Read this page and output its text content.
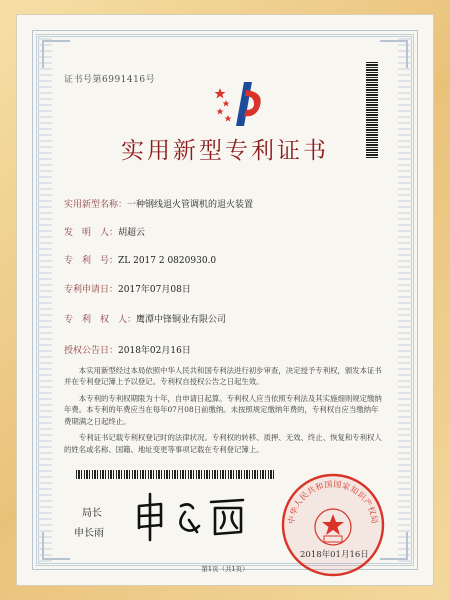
证书号第6991416号
实用新型专利证书
实用新型名称：一种钢线退火管调机的退火装置
发　明　人：胡超云
专　利　号：ZL 2017 2 0820930.0
专利申请日：2017年07月08日
专　利　权　人：鹰潭中锋铜业有限公司
授权公告日：2018年02月16日

本实用新型经过本局依照中华人民共和国专利法进行初步审查，决定授予专利权，颁发本证书并在专利登记簿上予以登记。专利权自授权公告之日起生效。

本专利的专利权期限为十年，自申请日起算。专利权人应当依照专利法及其实施细则规定缴纳年费。本专利的年费应当在每年07月08日前缴纳。未按照规定缴纳年费的，专利权自应当缴纳年费期满之日起终止。

专利证书记载专利权登记时的法律状况。专利权的转移、质押、无效、终止、恢复和专利权人的姓名或名称、国籍、地址变更等事项记载在专利登记簿上。

局长
申长雨
中华人民共和国国家知识产权局
2018年01月16日
第1页（共1页）
